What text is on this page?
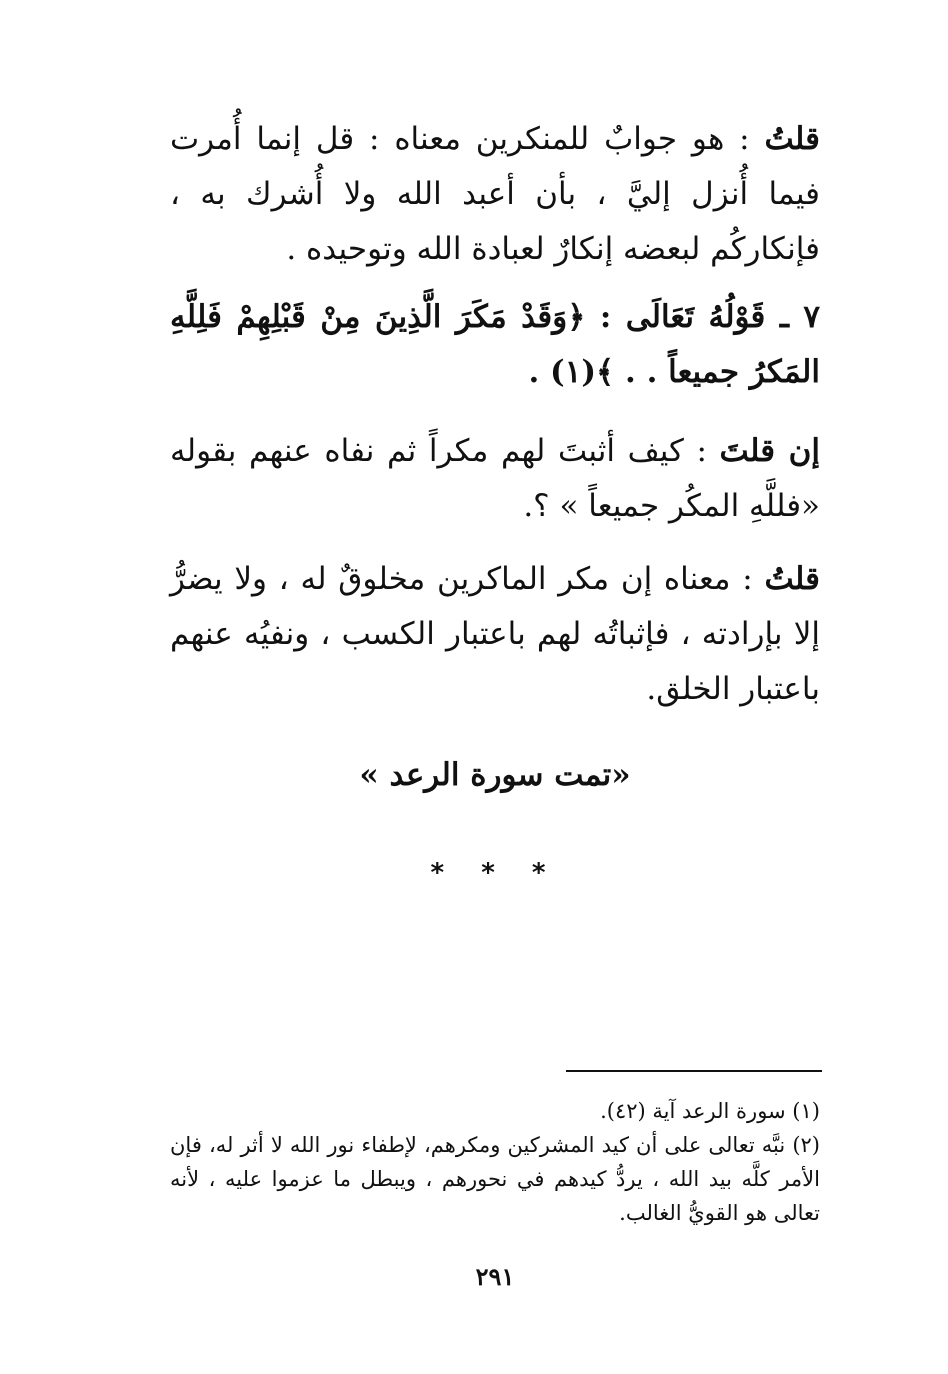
قلتُ : هو جوابٌ للمنكرين معناه : قل إنما أُمرت فيما أُنزل إليَّ ، بأن أعبد الله ولا أُشرك به ، فإنكاركُم لبعضه إنكارٌ لعبادة الله وتوحيده .

٧ ـ قَوْلُهُ تَعَالَى : ﴿وَقَدْ مَكَرَ الَّذِينَ مِنْ قَبْلِهِمْ فَلِلَّهِ المَكرُ جميعاً . . ﴾(١) .

إن قلتَ : كيف أثبتَ لهم مكراً ثم نفاه عنهم بقوله «فللَّهِ المكُر جميعاً » ؟.

قلتُ : معناه إن مكر الماكرين مخلوقٌ له ، ولا يضرُّ إلا بإرادته ، فإثباتُه لهم باعتبار الكسب ، ونفيُه عنهم باعتبار الخلق.

«تمت سورة الرعد »
* * *

(١) سورة الرعد آية (٤٢).

(٢) نبَّه تعالى على أن كيد المشركين ومكرهم، لإطفاء نور الله لا أثر له، فإن الأمر كلَّه بيد الله ، يردُّ كيدهم في نحورهم ، ويبطل ما عزموا عليه ، لأنه تعالى هو القويُّ الغالب.

٢٩١
